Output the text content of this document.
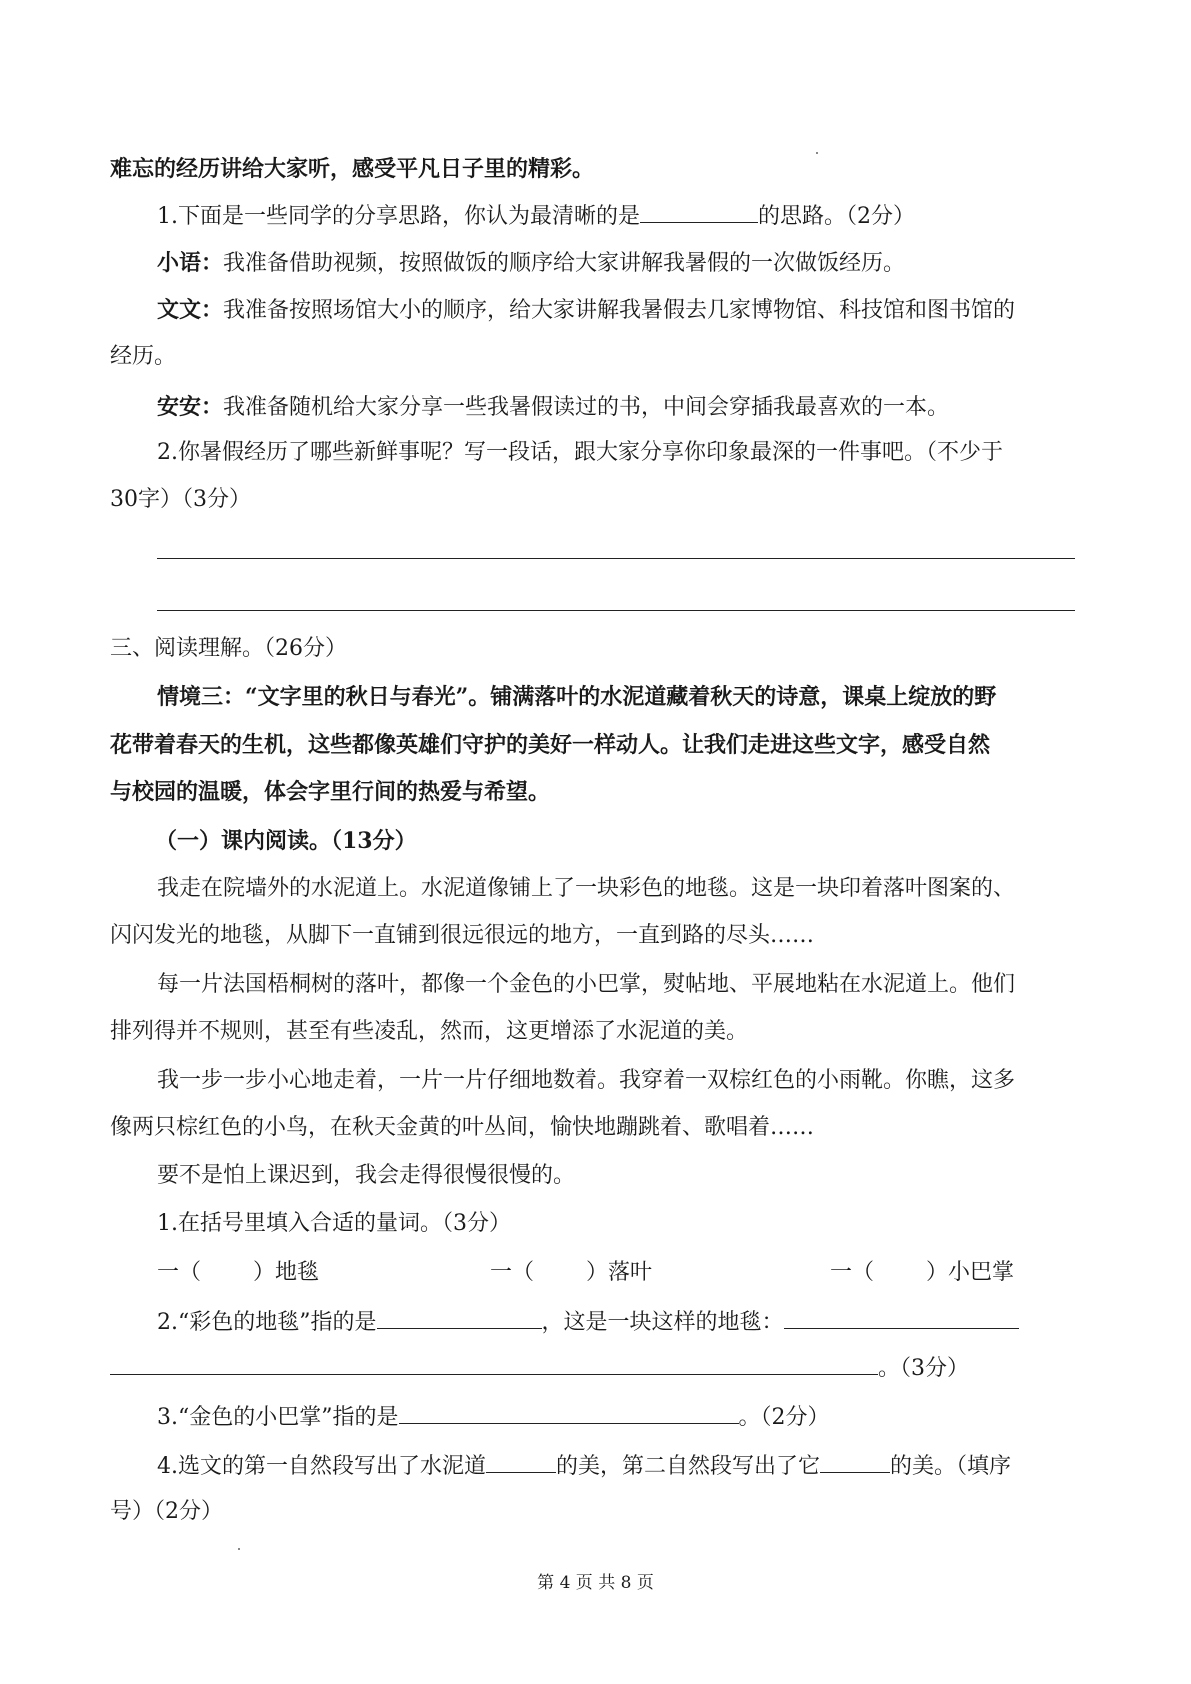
难忘的经历讲给大家听，感受平凡日子里的精彩。
1.下面是一些同学的分享思路，你认为最清晰的是	的思路。（2分）
小语：我准备借助视频，按照做饭的顺序给大家讲解我暑假的一次做饭经历。
文文：我准备按照场馆大小的顺序，给大家讲解我暑假去几家博物馆、科技馆和图书馆的
经历。
安安：我准备随机给大家分享一些我暑假读过的书，中间会穿插我最喜欢的一本。
2.你暑假经历了哪些新鲜事呢？写一段话，跟大家分享你印象最深的一件事吧。（不少于
30字）（3分）
三、阅读理解。（26分）
情境三：“文字里的秋日与春光”。铺满落叶的水泥道藏着秋天的诗意，课桌上绽放的野
花带着春天的生机，这些都像英雄们守护的美好一样动人。让我们走进这些文字，感受自然
与校园的温暖，体会字里行间的热爱与希望。
（一）课内阅读。（13分）
我走在院墙外的水泥道上。水泥道像铺上了一块彩色的地毯。这是一块印着落叶图案的、
闪闪发光的地毯，从脚下一直铺到很远很远的地方，一直到路的尽头……
每一片法国梧桐树的落叶，都像一个金色的小巴掌，熨帖地、平展地粘在水泥道上。他们
排列得并不规则，甚至有些凌乱，然而，这更增添了水泥道的美。
我一步一步小心地走着，一片一片仔细地数着。我穿着一双棕红色的小雨靴。你瞧，这多
像两只棕红色的小鸟，在秋天金黄的叶丛间，愉快地蹦跳着、歌唱着……
要不是怕上课迟到，我会走得很慢很慢的。
1.在括号里填入合适的量词。（3分）
一（ ）地毯	一（ ）落叶	一（ ）小巴掌
2.“彩色的地毯”指的是	，这是一块这样的地毯：
。（3分）
3.“金色的小巴掌”指的是	。（2分）
4.选文的第一自然段写出了水泥道	的美，第二自然段写出了它	的美。（填序
号）（2分）
第 4 页 共 8 页
